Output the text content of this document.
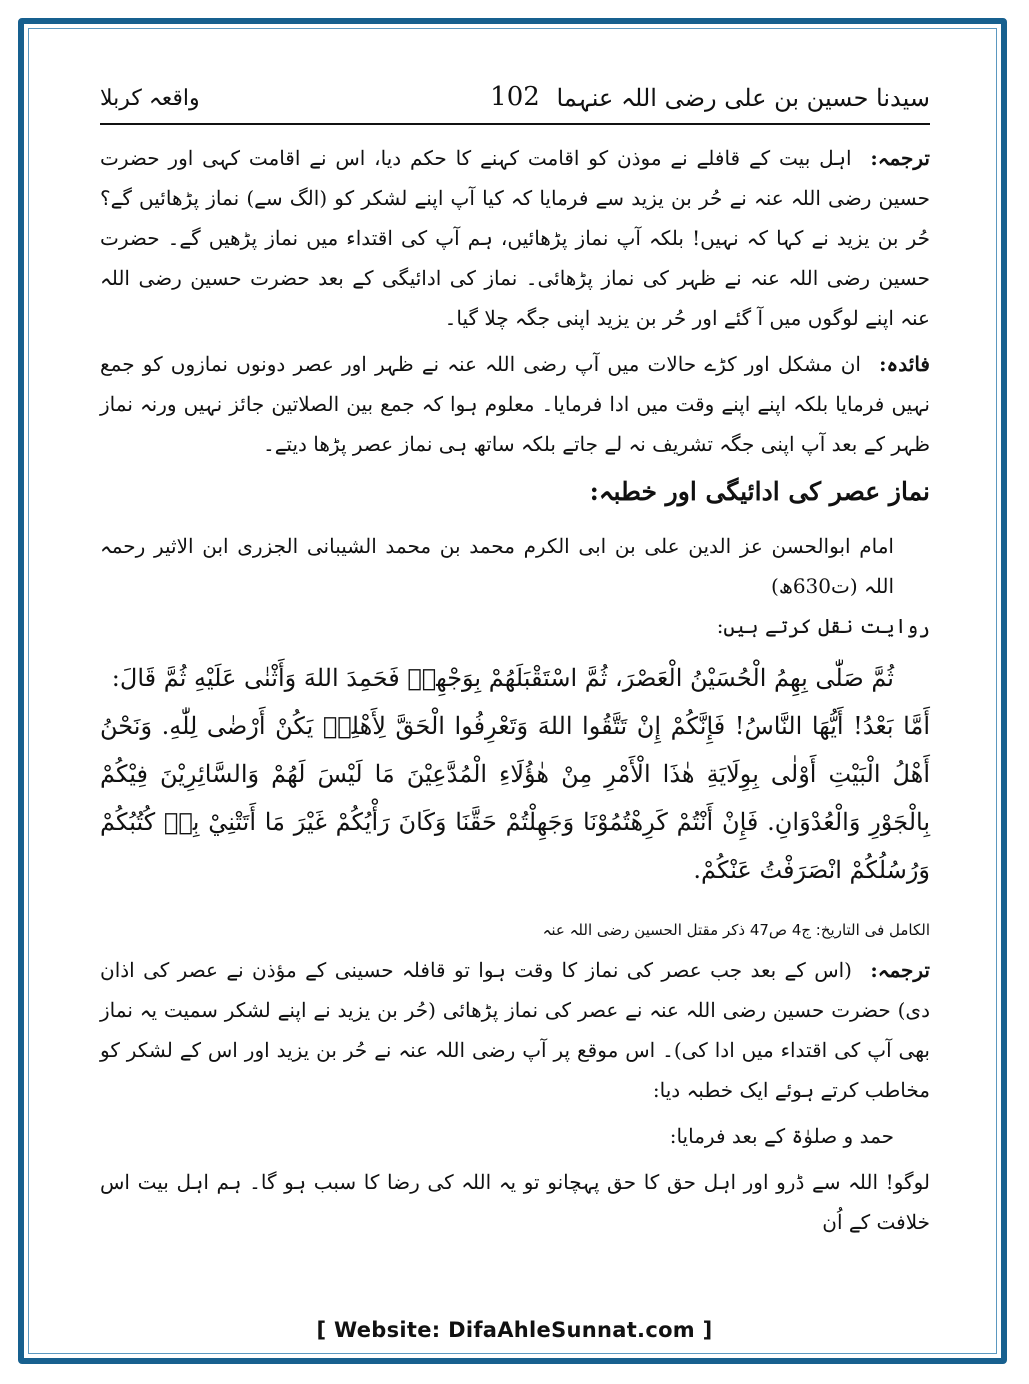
سیدنا حسین بن علی رضی اللہ عنہما
102
واقعہ کربلا

ترجمہ: اہل بیت کے قافلے نے موذن کو اقامت کہنے کا حکم دیا، اس نے اقامت کہی اور حضرت حسین رضی اللہ عنہ نے حُر بن یزید سے فرمایا کہ کیا آپ اپنے لشکر کو (الگ سے) نماز پڑھائیں گے؟ حُر بن یزید نے کہا کہ نہیں! بلکہ آپ نماز پڑھائیں، ہم آپ کی اقتداء میں نماز پڑھیں گے۔ حضرت حسین رضی اللہ عنہ نے ظہر کی نماز پڑھائی۔ نماز کی ادائیگی کے بعد حضرت حسین رضی اللہ عنہ اپنے لوگوں میں آ گئے اور حُر بن یزید اپنی جگہ چلا گیا۔

فائدہ: ان مشکل اور کڑے حالات میں آپ رضی اللہ عنہ نے ظہر اور عصر دونوں نمازوں کو جمع نہیں فرمایا بلکہ اپنے اپنے وقت میں ادا فرمایا۔ معلوم ہوا کہ جمع بین الصلاتین جائز نہیں ورنہ نماز ظہر کے بعد آپ اپنی جگہ تشریف نہ لے جاتے بلکہ ساتھ ہی نماز عصر پڑھا دیتے۔

نماز عصر کی ادائیگی اور خطبہ:

امام ابوالحسن عز الدین علی بن ابی الکرم محمد بن محمد الشیبانی الجزری ابن الاثیر رحمہ اللہ (ت630ھ)

روایت نقل کرتے ہیں:

ثُمَّ صَلّٰى بِهِمُ الْحُسَيْنُ الْعَصْرَ، ثُمَّ اسْتَقْبَلَهُمْ بِوَجْهِهٖ فَحَمِدَ اللهَ وَأَثْنٰى عَلَيْهِ ثُمَّ قَالَ:

أَمَّا بَعْدُ! أَيُّهَا النَّاسُ! فَإِنَّكُمْ إِنْ تَتَّقُوا اللهَ وَتَعْرِفُوا الْحَقَّ لِأَهْلِهٖ يَكُنْ أَرْضٰى لِلّٰهِ. وَنَحْنُ أَهْلُ الْبَيْتِ أَوْلٰى بِوِلَايَةِ هٰذَا الْأَمْرِ مِنْ هٰؤُلَاءِ الْمُدَّعِيْنَ مَا لَيْسَ لَهُمْ وَالسَّائِرِيْنَ فِيْكُمْ بِالْجَوْرِ وَالْعُدْوَانِ. فَإِنْ أَنْتُمْ كَرِهْتُمُوْنَا وَجَهِلْتُمْ حَقَّنَا وَكَانَ رَأْيُكُمْ غَيْرَ مَا أَتَتْنِيْ بِهٖ كُتُبُكُمْ وَرُسُلُكُمْ انْصَرَفْتُ عَنْكُمْ.

الکامل فی التاریخ: ج4 ص47 ذکر مقتل الحسین رضی اللہ عنہ

ترجمہ: (اس کے بعد جب عصر کی نماز کا وقت ہوا تو قافلہ حسینی کے مؤذن نے عصر کی اذان دی) حضرت حسین رضی اللہ عنہ نے عصر کی نماز پڑھائی (حُر بن یزید نے اپنے لشکر سمیت یہ نماز بھی آپ کی اقتداء میں ادا کی)۔ اس موقع پر آپ رضی اللہ عنہ نے حُر بن یزید اور اس کے لشکر کو مخاطب کرتے ہوئے ایک خطبہ دیا:

حمد و صلوٰۃ کے بعد فرمایا:

لوگو! اللہ سے ڈرو اور اہل حق کا حق پہچانو تو یہ اللہ کی رضا کا سبب ہو گا۔ ہم اہل بیت اس خلافت کے اُن

[ Website: DifaAhleSunnat.com ]
